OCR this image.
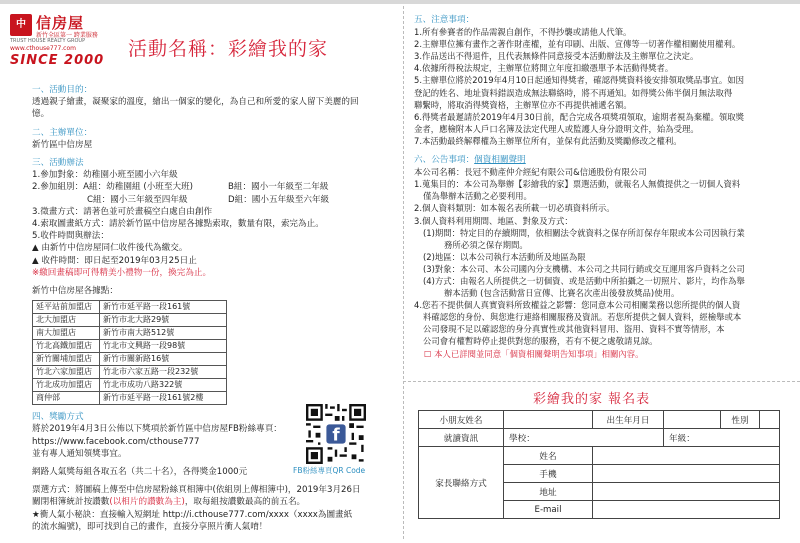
中 信房屋
新竹全區第一 跨業服務
TRUST HOUSE REALTY GROUP
www.cthouse777.com
SINCE 2000
活動名稱：彩繪我的家
一、活動目的：
透過親子繪畫，凝聚家的溫度，繪出一個家的變化，為自己和所愛的家人留下美麗的回
憶。
二、主辦單位：
新竹區中信房屋
三、活動辦法
1.參加對象：幼稚園小班至國小六年級
2.參加組別：A組：幼稚園組 (小班至大班)	B組：國小一年級至二年級
C組：國小三年級至四年級	D組：國小五年級至六年級
3.徵畫方式：請著色並可於畫稿空白處自由創作
4.索取圖畫紙方式：請於新竹區中信房屋各據點索取，數量有限，索完為止。
5.收件時間與辦法：
▲ 由新竹中信房屋同仁收件後代為繳交。
▲ 收件時間：即日起至2019年03月25日止
※繳回畫稿即可得精美小禮物一份，換完為止。
新竹中信房屋各據點：
延平站前加盟店	新竹市延平路一段161號
北大加盟店	新竹市北大路29號
南大加盟店	新竹市南大路512號
竹北高鐵加盟店	竹北市文興路一段98號
新竹關埔加盟店	新竹市關新路16號
竹北六家加盟店	竹北市六家五路一段232號
竹北成功加盟店	竹北市成功八路322號
商仲部	新竹市延平路一段161號2樓
四、獎勵方式
將於2019年4月3日公佈以下獎項於新竹區中信房屋FB粉絲專頁：
https://www.facebook.com/cthouse777
並有專人通知領獎事宜。
網路人氣獎每組各取五名（共二十名），各得獎金1000元
票選方式：將圖稿上傳至中信房屋粉絲頁相簿中(依組別上傳相簿中)，2019年3月26日
關閉相簿統計按讚數(以相片的讚數為主)，取每組按讚數最高的前五名。
★衝人氣小秘訣：直接輸入短網址 http://i.cthouse777.com/xxxx（xxxx為圖畫紙
的流水編號)，即可找到自己的畫作，直接分享照片衝人氣唷！
f
FB粉絲專頁QR Code
五、注意事項：
1.所有參賽者的作品需親自創作，不得抄襲或請他人代筆。
2.主辦單位擁有畫作之著作財產權，並有印刷、出版、宣傳等一切著作權相關使用權利。
3.作品送出不得退件，且代表無條件同意接受本活動辦法及主辦單位之決定。
4.依據所得稅法規定，主辦單位將開立年度扣繳憑單予本活動得獎者。
5.主辦單位將於2019年4月10日起通知得獎者，確認得獎資料後安排領取獎品事宜。如因
登記的姓名、地址資料錯誤造成無法聯絡時，將不再通知。如得獎公佈半個月無法取得
聯繫時，將取消得獎資格，主辦單位亦不再提供補遞名額。
6.得獎者最遲請於2019年4月30日前，配合完成各項獎項領取，逾期者視為棄權。領取獎
金者，應檢附本人戶口名簿及法定代理人或監護人身分證明文件，始為受理。
7.本活動最終解釋權為主辦單位所有，並保有此活動及獎勵修改之權利。
六、公告事項：個資相關聲明
本公司名稱：長冠不動產仲介經紀有限公司&信通股份有限公司
1.蒐集目的：本公司為舉辦【彩繪我的家】票選活動，就報名人無償提供之一切個人資料
僅為舉辦本活動之必要利用。
2.個人資料類別：如本報名表所載一切必填資料所示。
3.個人資料利用期間、地區、對象及方式：
(1)期間：特定目的存續期間，依相關法令就資料之保存所訂保存年限或本公司因執行業
務所必須之保存期間。
(2)地區：以本公司執行本活動所及地區為限
(3)對象：本公司、本公司國內分支機構、本公司之共同行銷或交互運用客戶資料之公司
(4)方式：由報名人所提供之一切個資、或是活動中所拍攝之一切照片、影片，均作為舉
辦本活動 (包含活動當日宣傳、比賽名次產出後發放獎品)使用。
4.您若不提供個人真實資料所致權益之影響：您同意本公司相關業務以您所提供的個人資
料確認您的身份、與您進行連絡相關服務及資訊。若您所提供之個人資料，經檢舉或本
公司發現不足以確認您的身分真實性或其他資料冒用、盜用、資料不實等情形，本
公司會有權暫時停止提供對您的服務，若有不便之處敬請見諒。
☐ 本人已詳閱並同意「個資相關聲明告知事項」相關內容。
彩繪我的家 報名表
小朋友姓名		出生年月日		性別	
就讀資訊	學校：		年級：		
家長聯絡方式	姓名				
	手機				
	地址				
	E-mail				
